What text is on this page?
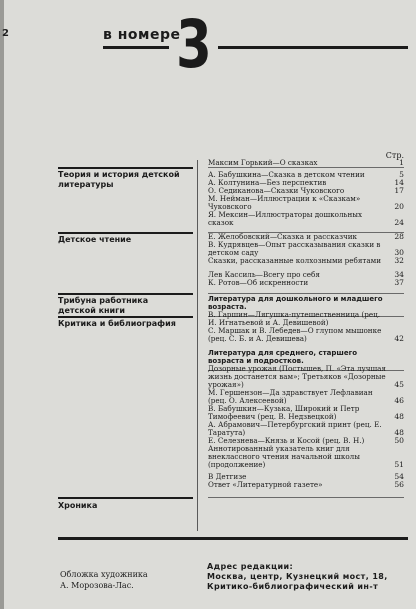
2	в номере
3
Стр.
Теория и история детской литературы
Детское чтение
Трибуна работника детской книги
Критика и библиография
Хроника
Максим Горький—О сказках	1
А. Бабушкина—Сказка в детском чтении	5
А. Колтунина—Без перспектив	14
О. Седиканова—Сказки Чуковского	17
М. Нейман—Иллюстрации к «Сказкам» Чуковского	20
Я. Мексин—Иллюстраторы дошкольных сказок	24
Е. Желобовский—Сказка и рассказчик	28
В. Кудрявцев—Опыт рассказывания сказки в детском саду	30
Сказки, рассказанные колхозными ребятами 32
Лев Кассиль—Всегу про себя	34
К. Ротов—Об искренности	37
Литература для дошкольного и младшего возраста.
В. Гаршин—Лягушка-путешественница (рец. И. Игнатьевой и А. Девишевой)
С. Маршак и В. Лебедев—О глупом мышонке (рец. С. Б. и А. Девишева)	42
Литература для среднего, старшего возраста и подростков.
Дозорные урожая (Постышев, П. «Эта лучшая жизнь достанется вам»; Третьяков «Дозорные урожая»)	45
М. Гершензон—Да здравствует Лефлавиан (рец. О. Алексеевой)	46
В. Бабушкин—Кузька, Широкий и Петр Тимофеевич (рец. В. Недзвецкой)	48
А. Абрамович—Петербургский принт (рец. Е. Таратута)	48
Е. Селезнева—Князь и Косой (рец. В. Н.)	50
Аннотированный указатель книг для внеклассного чтения начальной школы (продолжение)	51
В Детгизе	54
Ответ «Литературной газете»	56
Обложка художника
А. Морозова-Лас.
Адрес редакции:
Москва, центр, Кузнецкий мост, 18,
Критико-библиографический ин-т
